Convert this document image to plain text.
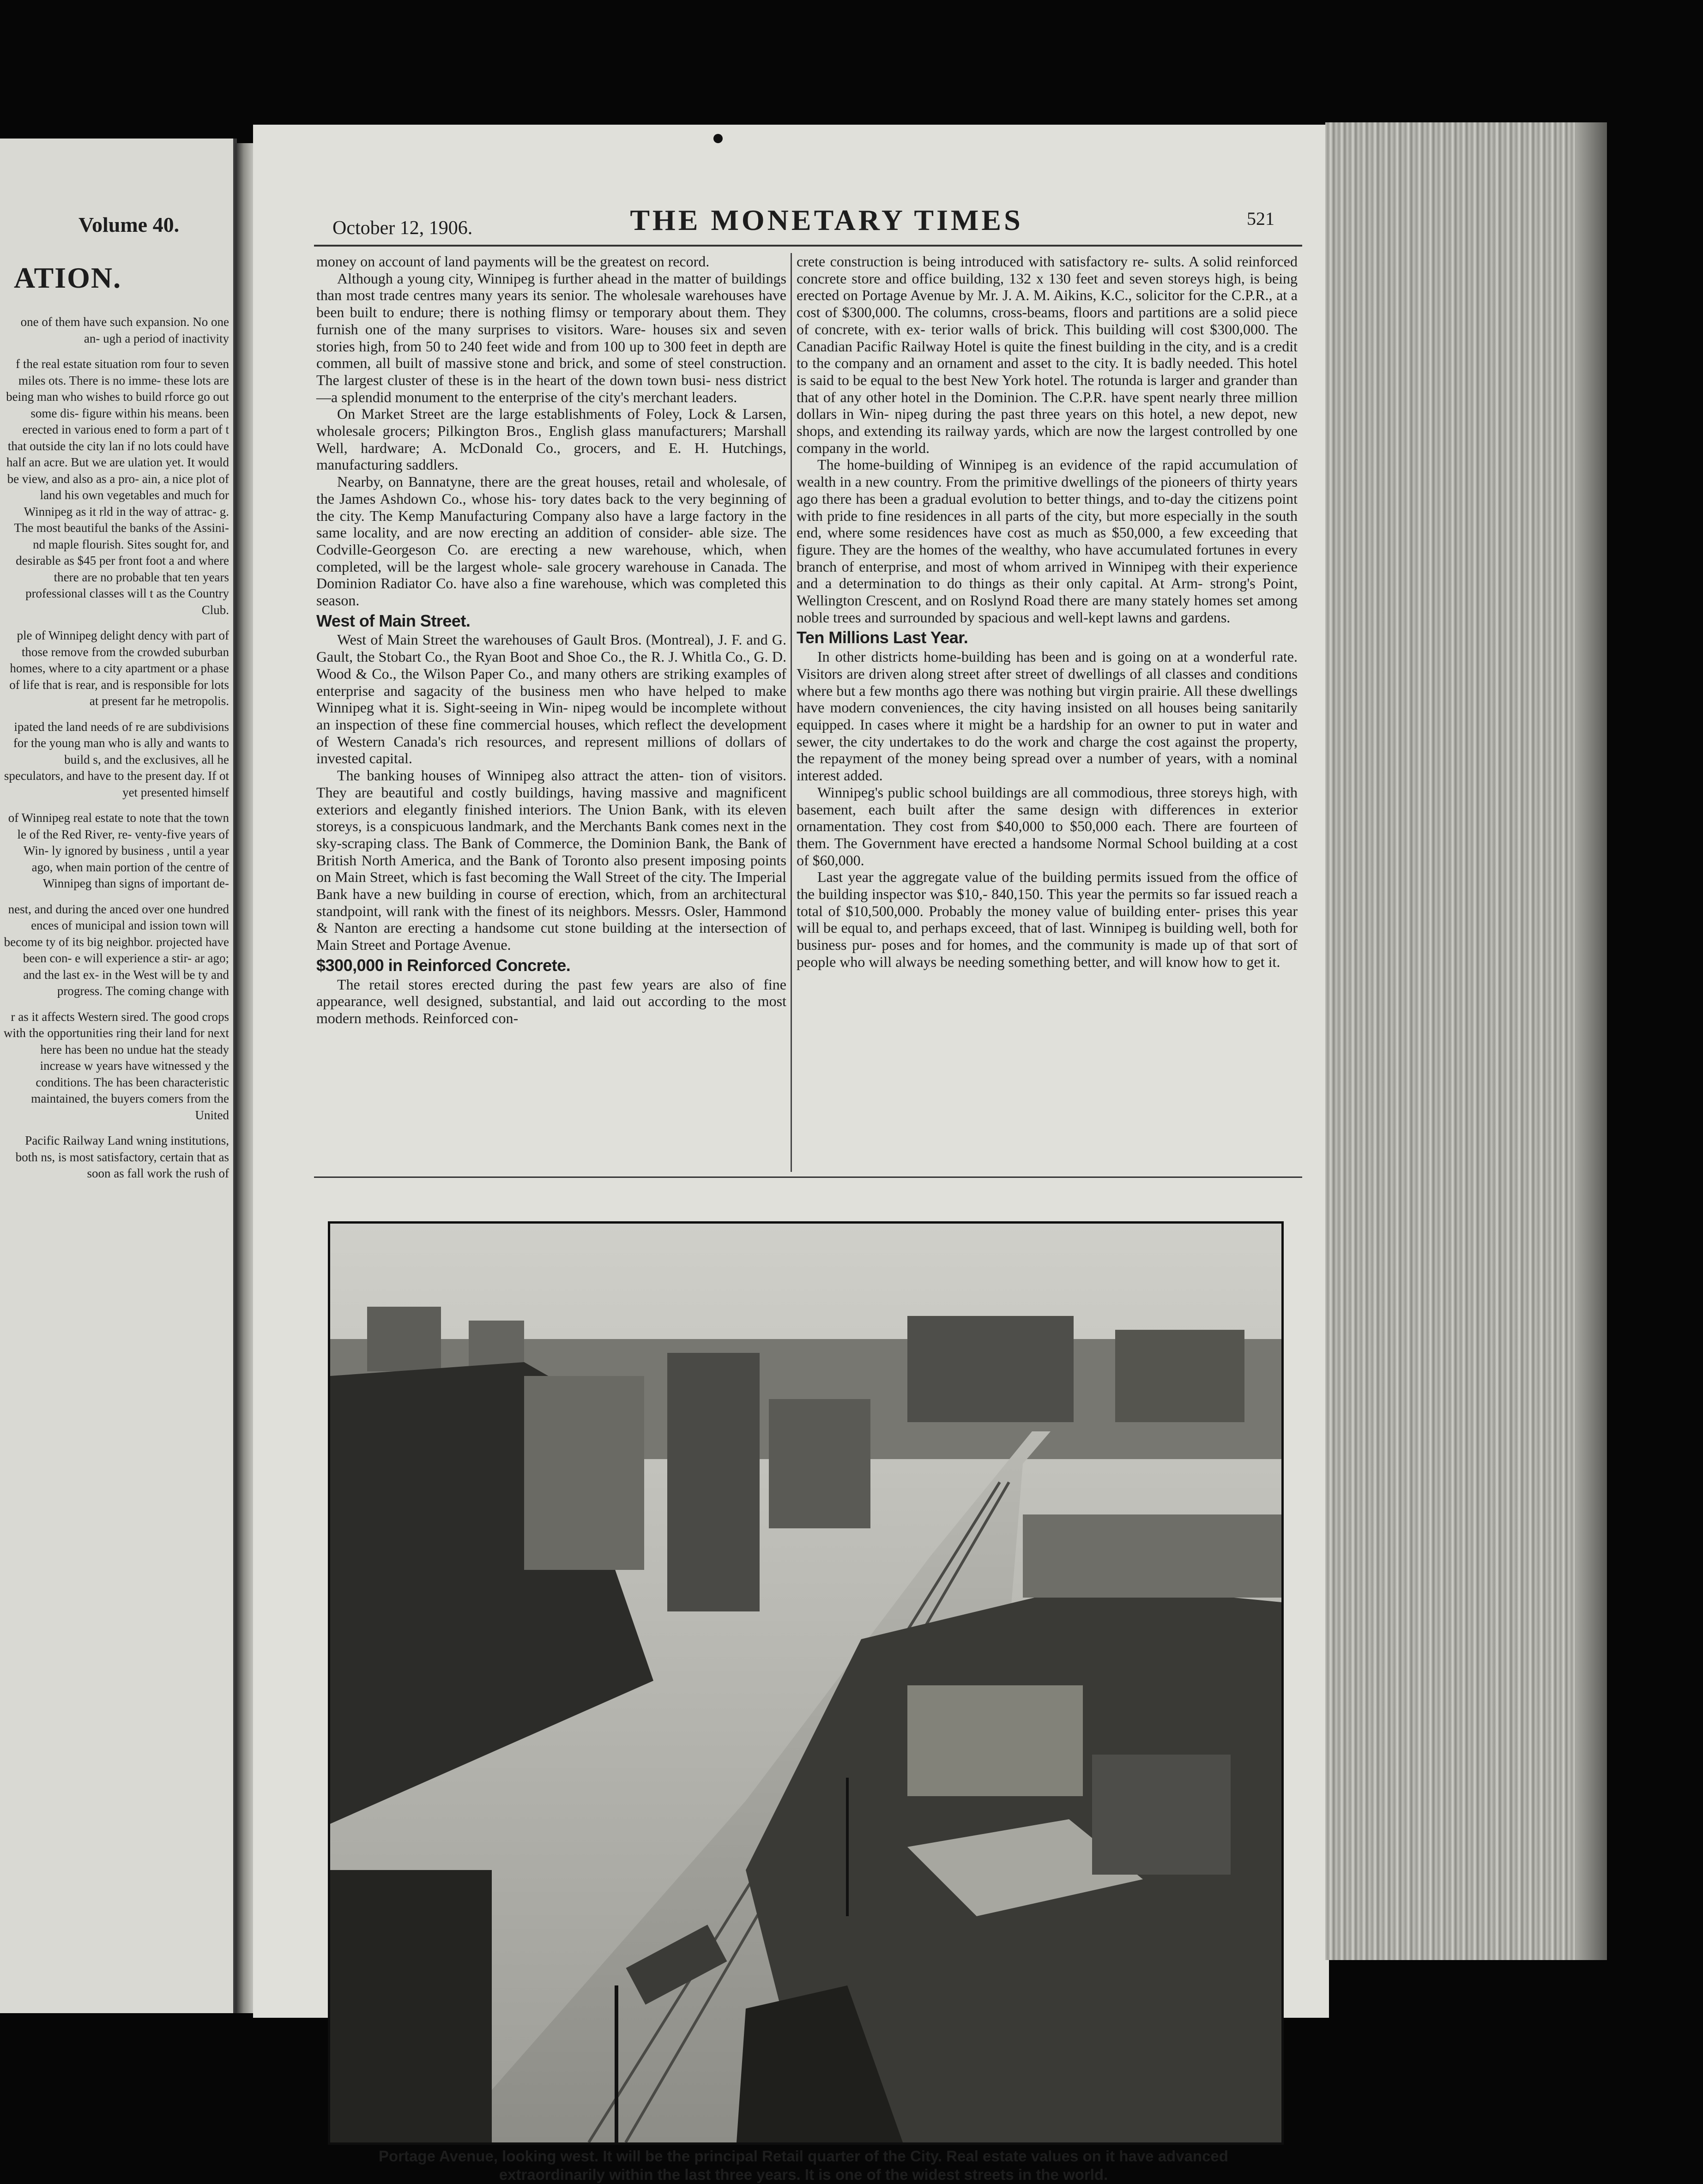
Volume 40.
ATION.

one of them have such expansion. No one an- ugh a period of inactivity

f the real estate situation rom four to seven miles ots. There is no imme- these lots are being man who wishes to build rforce go out some dis- figure within his means. been erected in various ened to form a part of t that outside the city lan if no lots could have half an acre. But we are ulation yet. It would be view, and also as a pro- ain, a nice plot of land his own vegetables and much for Winnipeg as it rld in the way of attrac- g. The most beautiful the banks of the Assini- nd maple flourish. Sites sought for, and desirable as $45 per front foot a and where there are no probable that ten years professional classes will t as the Country Club.

ple of Winnipeg delight dency with part of those remove from the crowded suburban homes, where to a city apartment or a phase of life that is rear, and is responsible for lots at present far he metropolis.

ipated the land needs of re are subdivisions for the young man who is ally and wants to build s, and the exclusives, all he speculators, and have to the present day. If ot yet presented himself

of Winnipeg real estate to note that the town le of the Red River, re- venty-five years of Win- ly ignored by business , until a year ago, when main portion of the centre of Winnipeg than signs of important de-

nest, and during the anced over one hundred ences of municipal and ission town will become ty of its big neighbor. projected have been con- e will experience a stir- ar ago; and the last ex- in the West will be ty and progress. The coming change with

r as it affects Western sired. The good crops with the opportunities ring their land for next here has been no undue hat the steady increase w years have witnessed y the conditions. The has been characteristic maintained, the buyers comers from the United

Pacific Railway Land wning institutions, both ns, is most satisfactory, certain that as soon as fall work the rush of

October 12, 1906.	THE MONETARY TIMES	521

money on account of land payments will be the greatest on record.

Although a young city, Winnipeg is further ahead in the matter of buildings than most trade centres many years its senior. The wholesale warehouses have been built to endure; there is nothing flimsy or temporary about them. They furnish one of the many surprises to visitors. Ware- houses six and seven stories high, from 50 to 240 feet wide and from 100 up to 300 feet in depth are commen, all built of massive stone and brick, and some of steel construction. The largest cluster of these is in the heart of the down town busi- ness district—a splendid monument to the enterprise of the city's merchant leaders.

On Market Street are the large establishments of Foley, Lock & Larsen, wholesale grocers; Pilkington Bros., English glass manufacturers; Marshall Well, hardware; A. McDonald Co., grocers, and E. H. Hutchings, manufacturing saddlers.

Nearby, on Bannatyne, there are the great houses, retail and wholesale, of the James Ashdown Co., whose his- tory dates back to the very beginning of the city. The Kemp Manufacturing Company also have a large factory in the same locality, and are now erecting an addition of consider- able size. The Codville-Georgeson Co. are erecting a new warehouse, which, when completed, will be the largest whole- sale grocery warehouse in Canada. The Dominion Radiator Co. have also a fine warehouse, which was completed this season.

West of Main Street.

West of Main Street the warehouses of Gault Bros. (Montreal), J. F. and G. Gault, the Stobart Co., the Ryan Boot and Shoe Co., the R. J. Whitla Co., G. D. Wood & Co., the Wilson Paper Co., and many others are striking examples of enterprise and sagacity of the business men who have helped to make Winnipeg what it is. Sight-seeing in Win- nipeg would be incomplete without an inspection of these fine commercial houses, which reflect the development of Western Canada's rich resources, and represent millions of dollars of invested capital.

The banking houses of Winnipeg also attract the atten- tion of visitors. They are beautiful and costly buildings, having massive and magnificent exteriors and elegantly finished interiors. The Union Bank, with its eleven storeys, is a conspicuous landmark, and the Merchants Bank comes next in the sky-scraping class. The Bank of Commerce, the Dominion Bank, the Bank of British North America, and the Bank of Toronto also present imposing points on Main Street, which is fast becoming the Wall Street of the city. The Imperial Bank have a new building in course of erection, which, from an architectural standpoint, will rank with the finest of its neighbors. Messrs. Osler, Hammond & Nanton are erecting a handsome cut stone building at the intersection of Main Street and Portage Avenue.

$300,000 in Reinforced Concrete.

The retail stores erected during the past few years are also of fine appearance, well designed, substantial, and laid out according to the most modern methods. Reinforced con-

crete construction is being introduced with satisfactory re- sults. A solid reinforced concrete store and office building, 132 x 130 feet and seven storeys high, is being erected on Portage Avenue by Mr. J. A. M. Aikins, K.C., solicitor for the C.P.R., at a cost of $300,000. The columns, cross-beams, floors and partitions are a solid piece of concrete, with ex- terior walls of brick. This building will cost $300,000. The Canadian Pacific Railway Hotel is quite the finest building in the city, and is a credit to the company and an ornament and asset to the city. It is badly needed. This hotel is said to be equal to the best New York hotel. The rotunda is larger and grander than that of any other hotel in the Dominion. The C.P.R. have spent nearly three million dollars in Win- nipeg during the past three years on this hotel, a new depot, new shops, and extending its railway yards, which are now the largest controlled by one company in the world.

The home-building of Winnipeg is an evidence of the rapid accumulation of wealth in a new country. From the primitive dwellings of the pioneers of thirty years ago there has been a gradual evolution to better things, and to-day the citizens point with pride to fine residences in all parts of the city, but more especially in the south end, where some residences have cost as much as $50,000, a few exceeding that figure. They are the homes of the wealthy, who have accumulated fortunes in every branch of enterprise, and most of whom arrived in Winnipeg with their experience and a determination to do things as their only capital. At Arm- strong's Point, Wellington Crescent, and on Roslynd Road there are many stately homes set among noble trees and surrounded by spacious and well-kept lawns and gardens.

Ten Millions Last Year.

In other districts home-building has been and is going on at a wonderful rate. Visitors are driven along street after street of dwellings of all classes and conditions where but a few months ago there was nothing but virgin prairie. All these dwellings have modern conveniences, the city having insisted on all houses being sanitarily equipped. In cases where it might be a hardship for an owner to put in water and sewer, the city undertakes to do the work and charge the cost against the property, the repayment of the money being spread over a number of years, with a nominal interest added.

Winnipeg's public school buildings are all commodious, three storeys high, with basement, each built after the same design with differences in exterior ornamentation. They cost from $40,000 to $50,000 each. There are fourteen of them. The Government have erected a handsome Normal School building at a cost of $60,000.

Last year the aggregate value of the building permits issued from the office of the building inspector was $10,- 840,150. This year the permits so far issued reach a total of $10,500,000. Probably the money value of building enter- prises this year will be equal to, and perhaps exceed, that of last. Winnipeg is building well, both for business pur- poses and for homes, and the community is made up of that sort of people who will always be needing something better, and will know how to get it.

Portage Avenue, looking west. It will be the principal Retail quarter of the City. Real estate values on it have advanced
extraordinarily within the last three years. It is one of the widest streets in the world.
